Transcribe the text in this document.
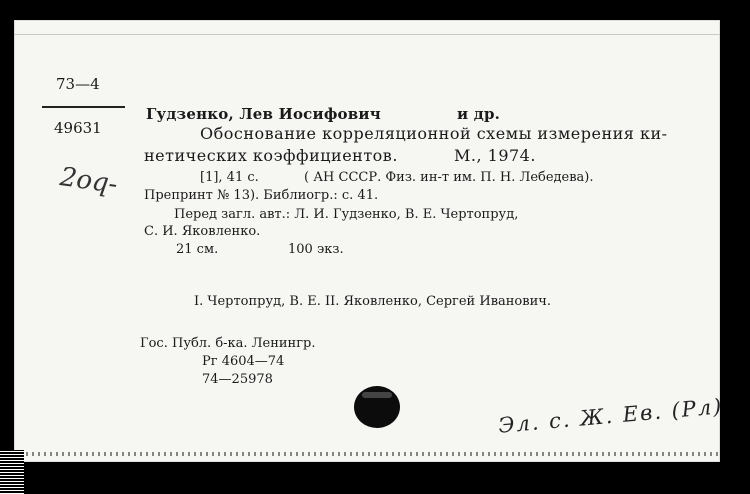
73—4
49631
2oq-
Гудзенко, Лев Иосифович	и др.
Обоснование корреляционной схемы измерения ки-
нетических коэффициентов.	М., 1974.
[1], 41 с.	( АН СССР. Физ. ин-т им. П. Н. Лебедева).
Препринт № 13). Библиогр.: с. 41.
Перед загл. авт.: Л. И. Гудзенко, В. Е. Чертопруд,
С. И. Яковленко.
21 см.	100 экз.
I. Чертопруд, В. Е. II. Яковленко, Сергей Иванович.
Гос. Публ. б-ка. Ленингр.
Рг 4604—74
74—25978
Эл. с. Ж. Ев. (Рл)
